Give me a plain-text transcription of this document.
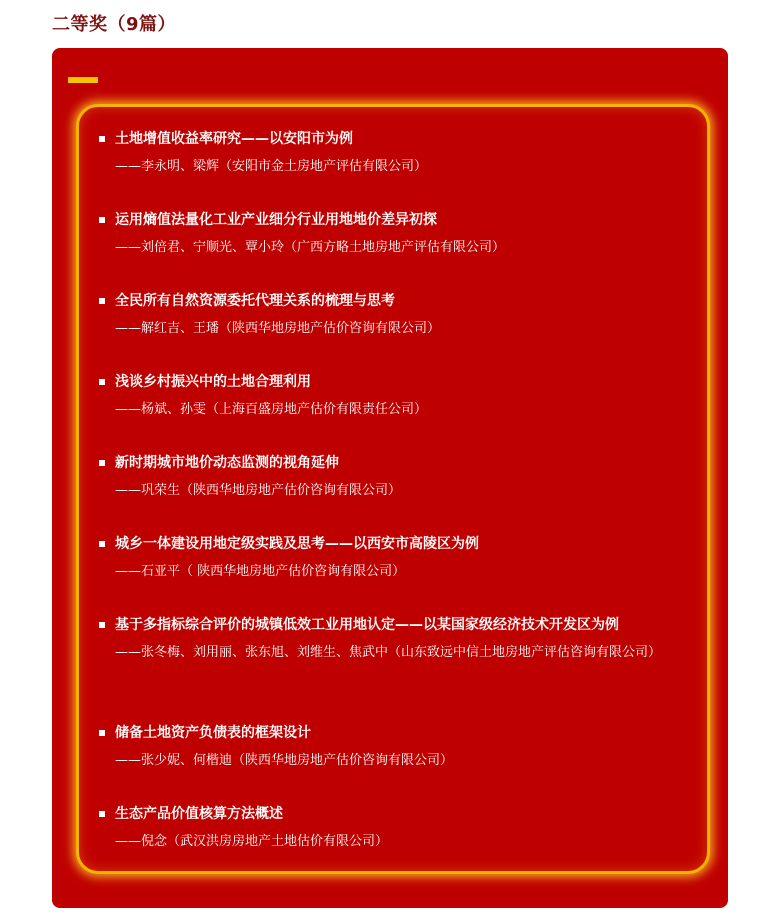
二等奖（9篇）
土地增值收益率研究——以安阳市为例
——李永明、梁辉（安阳市金土房地产评估有限公司）
运用熵值法量化工业产业细分行业用地地价差异初探
——刘倍君、宁顺光、覃小玲（广西方略土地房地产评估有限公司）
全民所有自然资源委托代理关系的梳理与思考
——解红吉、王璠（陕西华地房地产估价咨询有限公司）
浅谈乡村振兴中的土地合理利用
——杨斌、孙雯（上海百盛房地产估价有限责任公司）
新时期城市地价动态监测的视角延伸
——巩荣生（陕西华地房地产估价咨询有限公司）
城乡一体建设用地定级实践及思考——以西安市高陵区为例
——石亚平（ 陕西华地房地产估价咨询有限公司）
基于多指标综合评价的城镇低效工业用地认定——以某国家级经济技术开发区为例
——张冬梅、刘用丽、张东旭、刘维生、焦武中（山东致远中信土地房地产评估咨询有限公司）
储备土地资产负债表的框架设计
——张少妮、何楷迪（陕西华地房地产估价咨询有限公司）
生态产品价值核算方法概述
——倪念（武汉洪房房地产土地估价有限公司）
